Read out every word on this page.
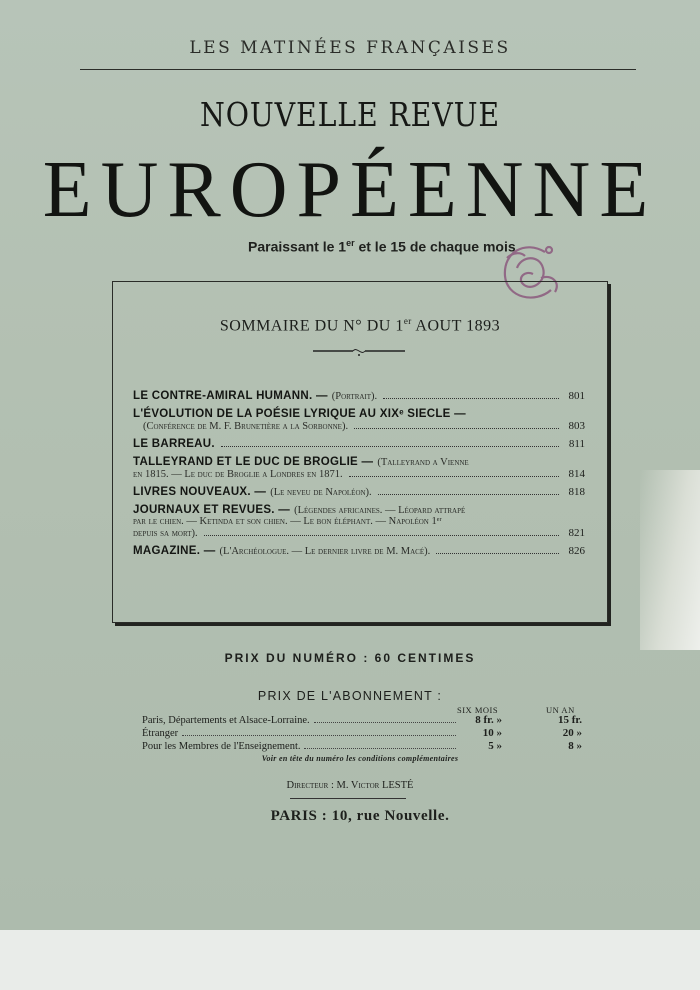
LES MATINÉES FRANÇAISES
NOUVELLE REVUE
EUROPÉENNE
Paraissant le 1er et le 15 de chaque mois
SOMMAIRE DU N° DU 1er AOUT 1893
LE CONTRE-AMIRAL HUMANN. — (Portrait).	801
L'ÉVOLUTION DE LA POÉSIE LYRIQUE AU XIXᵉ SIECLE —
(Conférence de M. F. Brunetière a la Sorbonne).	803
LE BARREAU.	811
TALLEYRAND ET LE DUC DE BROGLIE — (Talleyrand a Vienne
en 1815. — Le duc de Broglie a Londres en 1871.	814
LIVRES NOUVEAUX. — (Le neveu de Napoléon).	818
JOURNAUX ET REVUES. — (Légendes africaines. — Léopard attrapé
par le chien. — Ketinda et son chien. — Le bon éléphant. — Napoléon 1ᵉʳ
depuis sa mort).	821
MAGAZINE. — (L'Archéologue. — Le dernier livre de M. Macé).	826
PRIX DU NUMÉRO : 60 CENTIMES
PRIX DE L'ABONNEMENT :
SIX MOIS	UN AN
Paris, Départements et Alsace-Lorraine.	8 fr. »	15 fr.
Étranger	10 »	20 »
Pour les Membres de l'Enseignement.	5 »	8 »
Voir en tête du numéro les conditions complémentaires
Directeur : M. Victor LESTÉ
PARIS : 10, rue Nouvelle.
